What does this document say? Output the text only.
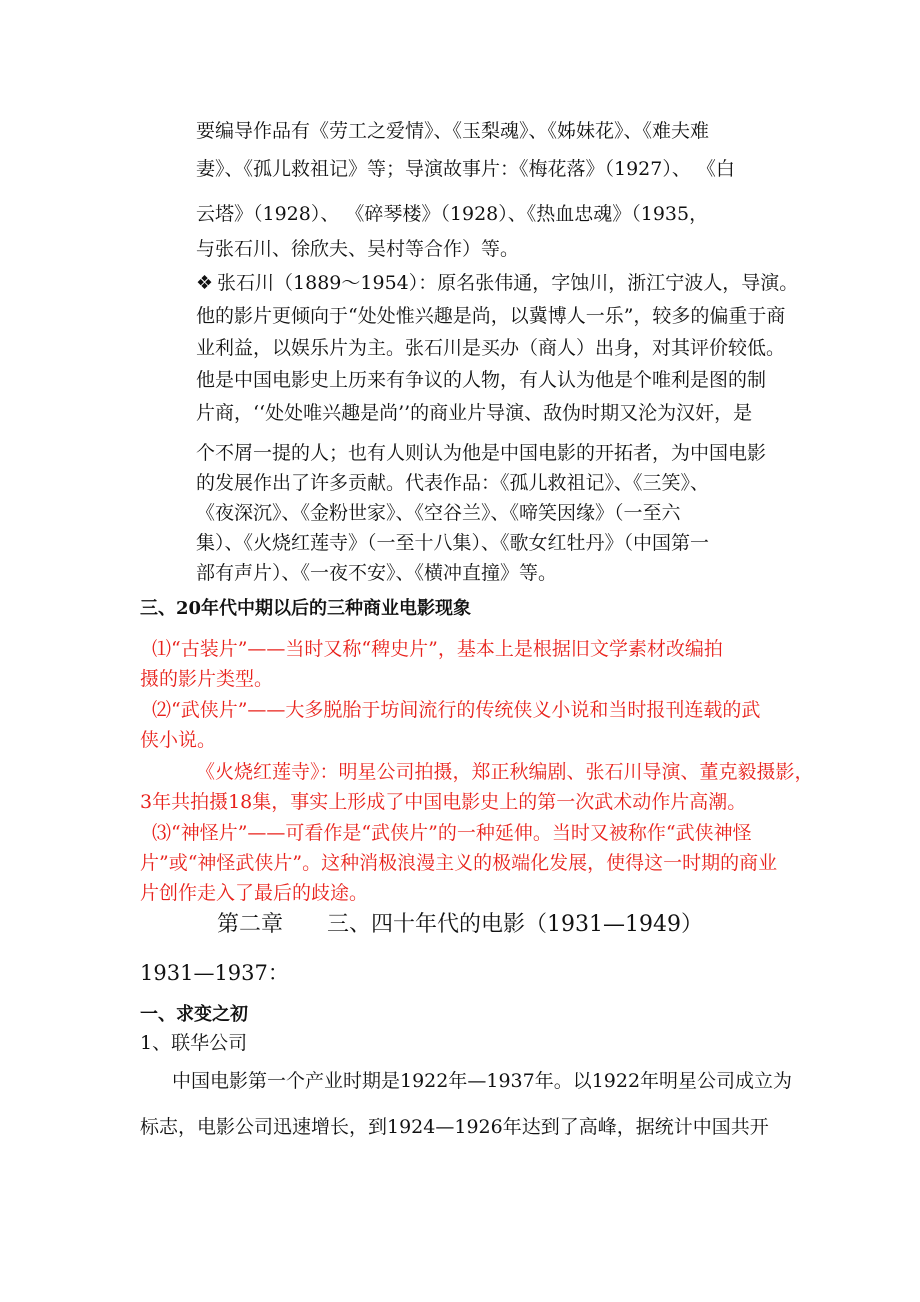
要编导作品有《劳工之爱情》、《玉梨魂》、《姊妹花》、《难夫难
妻》、《孤儿救祖记》等；导演故事片：《梅花落》（1927）、 《白
云塔》（1928）、 《碎琴楼》（1928）、《热血忠魂》（1935，
与张石川、徐欣夫、吴村等合作）等。
❖ 张石川（1889～1954）：原名张伟通，字蚀川，浙江宁波人，导演。
他的影片更倾向于“处处惟兴趣是尚，以冀博人一乐”，较多的偏重于商
业利益，以娱乐片为主。张石川是买办（商人）出身，对其评价较低。
他是中国电影史上历来有争议的人物，有人认为他是个唯利是图的制
片商，‘‘处处唯兴趣是尚’’的商业片导演、敌伪时期又沦为汉奸，是
个不屑一提的人；也有人则认为他是中国电影的开拓者，为中国电影
的发展作出了许多贡献。代表作品：《孤儿救祖记》、《三笑》、
《夜深沉》、《金粉世家》、《空谷兰》、《啼笑因缘》（一至六
集）、《火烧红莲寺》（一至十八集）、《歌女红牡丹》（中国第一
部有声片）、《一夜不安》、《横冲直撞》等。
三、20年代中期以后的三种商业电影现象
⑴“古装片”——当时又称“稗史片”，基本上是根据旧文学素材改编拍
摄的影片类型。
⑵“武侠片”——大多脱胎于坊间流行的传统侠义小说和当时报刊连载的武
侠小说。
《火烧红莲寺》：明星公司拍摄，郑正秋编剧、张石川导演、董克毅摄影，
3年共拍摄18集，事实上形成了中国电影史上的第一次武术动作片高潮。
⑶“神怪片”——可看作是“武侠片”的一种延伸。当时又被称作“武侠神怪
片”或“神怪武侠片”。这种消极浪漫主义的极端化发展，使得这一时期的商业
片创作走入了最后的歧途。
第二章　　三、四十年代的电影（1931—1949）
1931—1937：
一、求变之初
1、联华公司
中国电影第一个产业时期是1922年—1937年。以1922年明星公司成立为
标志，电影公司迅速增长，到1924—1926年达到了高峰，据统计中国共开
